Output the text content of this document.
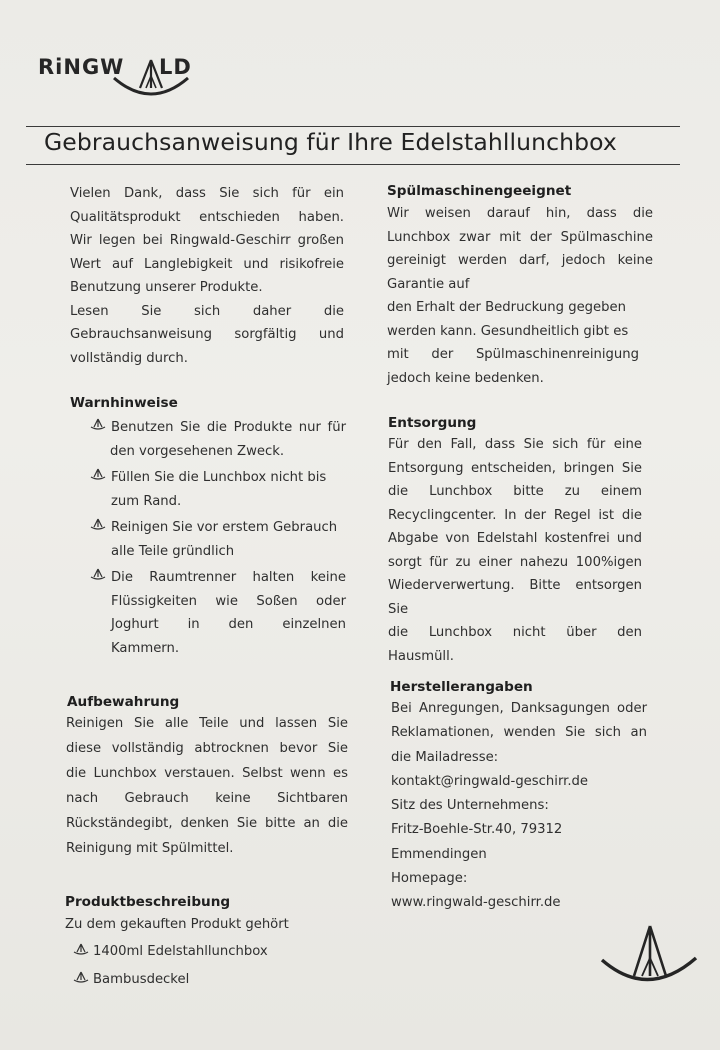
RiNGW LD
Gebrauchsanweisung für Ihre Edelstahllunchbox

Vielen Dank, dass Sie sich für ein

Qualitätsprodukt entschieden haben.

Wir legen bei Ringwald-Geschirr großen

Wert auf Langlebigkeit und risikofreie

Benutzung unserer Produkte.

Lesen Sie sich daher die

Gebrauchsanweisung sorgfältig und

vollständig durch.

Warnhinweise

Benutzen Sie die Produkte nur für

den vorgesehenen Zweck.

Füllen Sie die Lunchbox nicht bis

zum Rand.

Reinigen Sie vor erstem Gebrauch

alle Teile gründlich

Die Raumtrenner halten keine

Flüssigkeiten wie Soßen oder

Joghurt in den einzelnen

Kammern.

Aufbewahrung

Reinigen Sie alle Teile und lassen Sie

diese vollständig abtrocknen bevor Sie

die Lunchbox verstauen. Selbst wenn es

nach Gebrauch keine Sichtbaren

Rückständegibt, denken Sie bitte an die

Reinigung mit Spülmittel.

Produktbeschreibung

Zu dem gekauften Produkt gehört

1400ml Edelstahllunchbox
Bambusdeckel
Spülmaschinengeeignet

Wir weisen darauf hin, dass die

Lunchbox zwar mit der Spülmaschine

gereinigt werden darf, jedoch keine

Garantie auf

den Erhalt der Bedruckung gegeben

werden kann. Gesundheitlich gibt es

mit der Spülmaschinenreinigung

jedoch keine bedenken.

Entsorgung

Für den Fall, dass Sie sich für eine

Entsorgung entscheiden, bringen Sie

die Lunchbox bitte zu einem

Recyclingcenter. In der Regel ist die

Abgabe von Edelstahl kostenfrei und

sorgt für zu einer nahezu 100%igen

Wiederverwertung. Bitte entsorgen Sie

die Lunchbox nicht über den

Hausmüll.

Herstellerangaben

Bei Anregungen, Danksagungen oder

Reklamationen, wenden Sie sich an

die Mailadresse:

kontakt@ringwald-geschirr.de

Sitz des Unternehmens:

Fritz-Boehle-Str.40, 79312

Emmendingen

Homepage:

www.ringwald-geschirr.de
